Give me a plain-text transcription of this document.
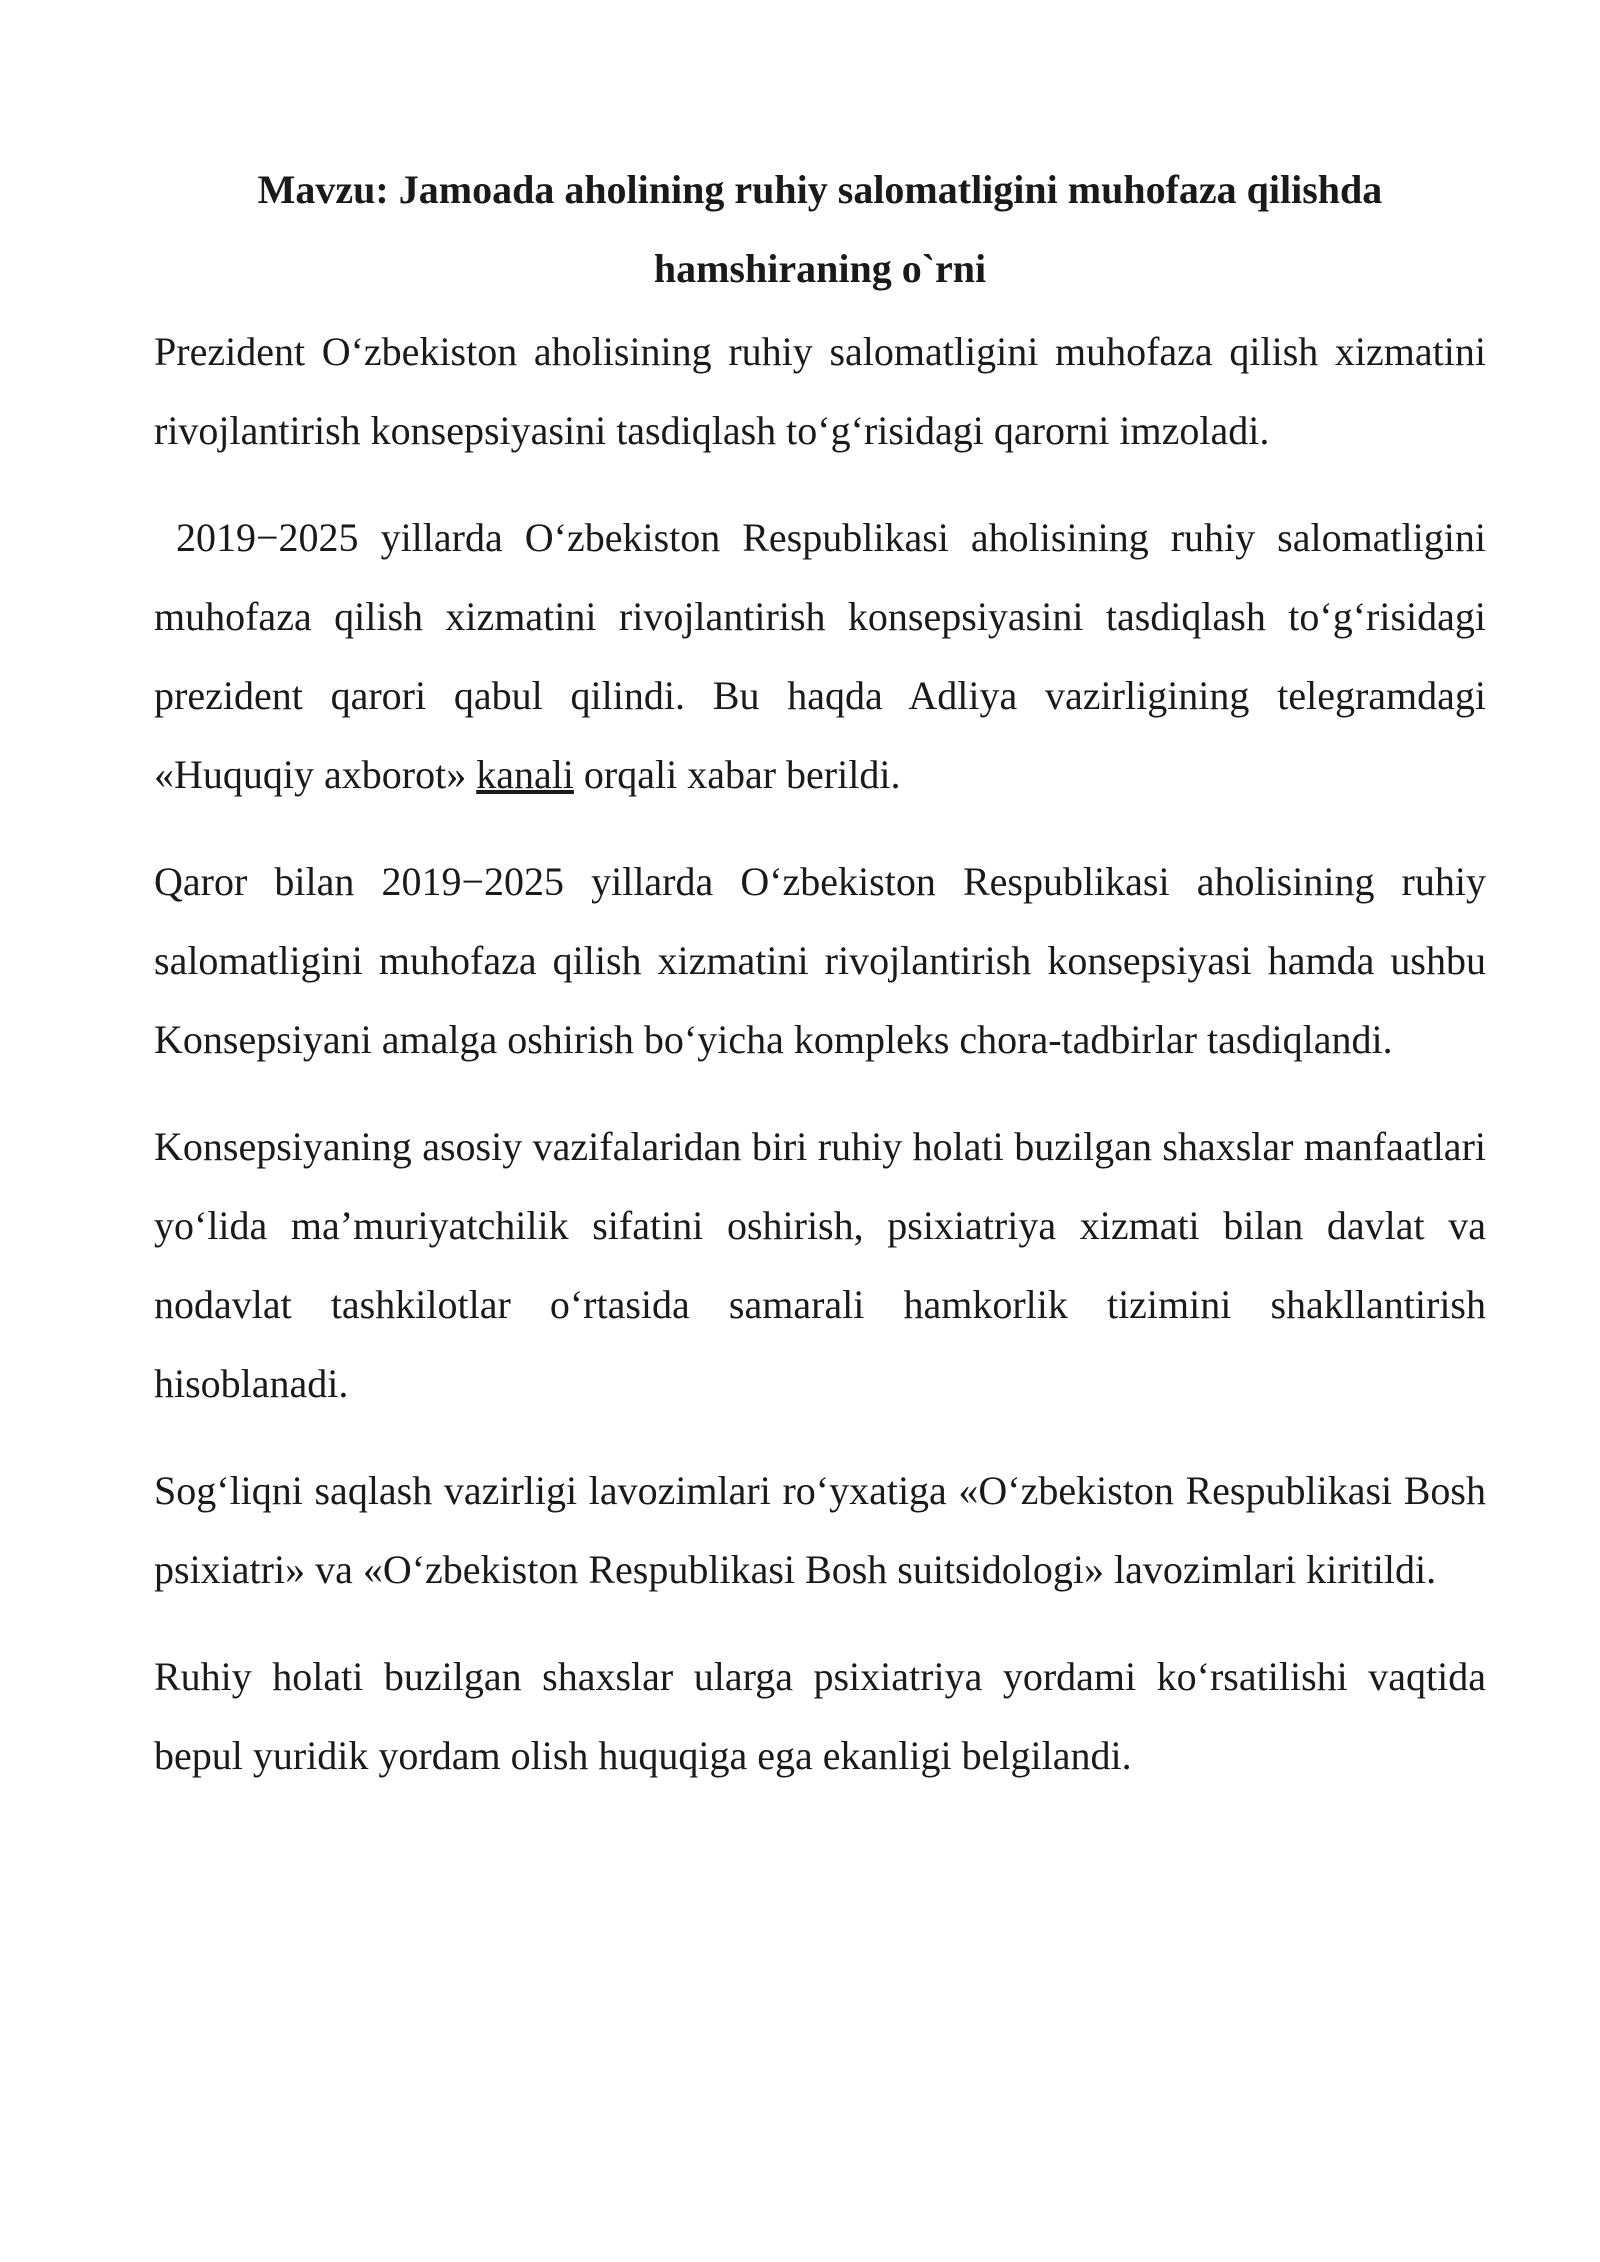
Mavzu: Jamoada aholining ruhiy salomatligini muhofaza qilishda hamshiraning o`rni

Prezident O‘zbekiston aholisining ruhiy salomatligini muhofaza qilish xizmatini rivojlantirish konsepsiyasini tasdiqlash to‘g‘risidagi qarorni imzoladi.

2019−2025 yillarda O‘zbekiston Respublikasi aholisining ruhiy salomatligini muhofaza qilish xizmatini rivojlantirish konsepsiyasini tasdiqlash to‘g‘risidagi prezident qarori qabul qilindi. Bu haqda Adliya vazirligining telegramdagi «Huquqiy axborot» kanali orqali xabar berildi.

Qaror bilan 2019−2025 yillarda O‘zbekiston Respublikasi aholisining ruhiy salomatligini muhofaza qilish xizmatini rivojlantirish konsepsiyasi hamda ushbu Konsepsiyani amalga oshirish bo‘yicha kompleks chora-tadbirlar tasdiqlandi.

Konsepsiyaning asosiy vazifalaridan biri ruhiy holati buzilgan shaxslar manfaatlari yo‘lida ma’muriyatchilik sifatini oshirish, psixiatriya xizmati bilan davlat va nodavlat tashkilotlar o‘rtasida samarali hamkorlik tizimini shakllantirish hisoblanadi.

Sog‘liqni saqlash vazirligi lavozimlari ro‘yxatiga «O‘zbekiston Respublikasi Bosh psixiatri» va «O‘zbekiston Respublikasi Bosh suitsidologi» lavozimlari kiritildi.

Ruhiy holati buzilgan shaxslar ularga psixiatriya yordami ko‘rsatilishi vaqtida bepul yuridik yordam olish huquqiga ega ekanligi belgilandi.
